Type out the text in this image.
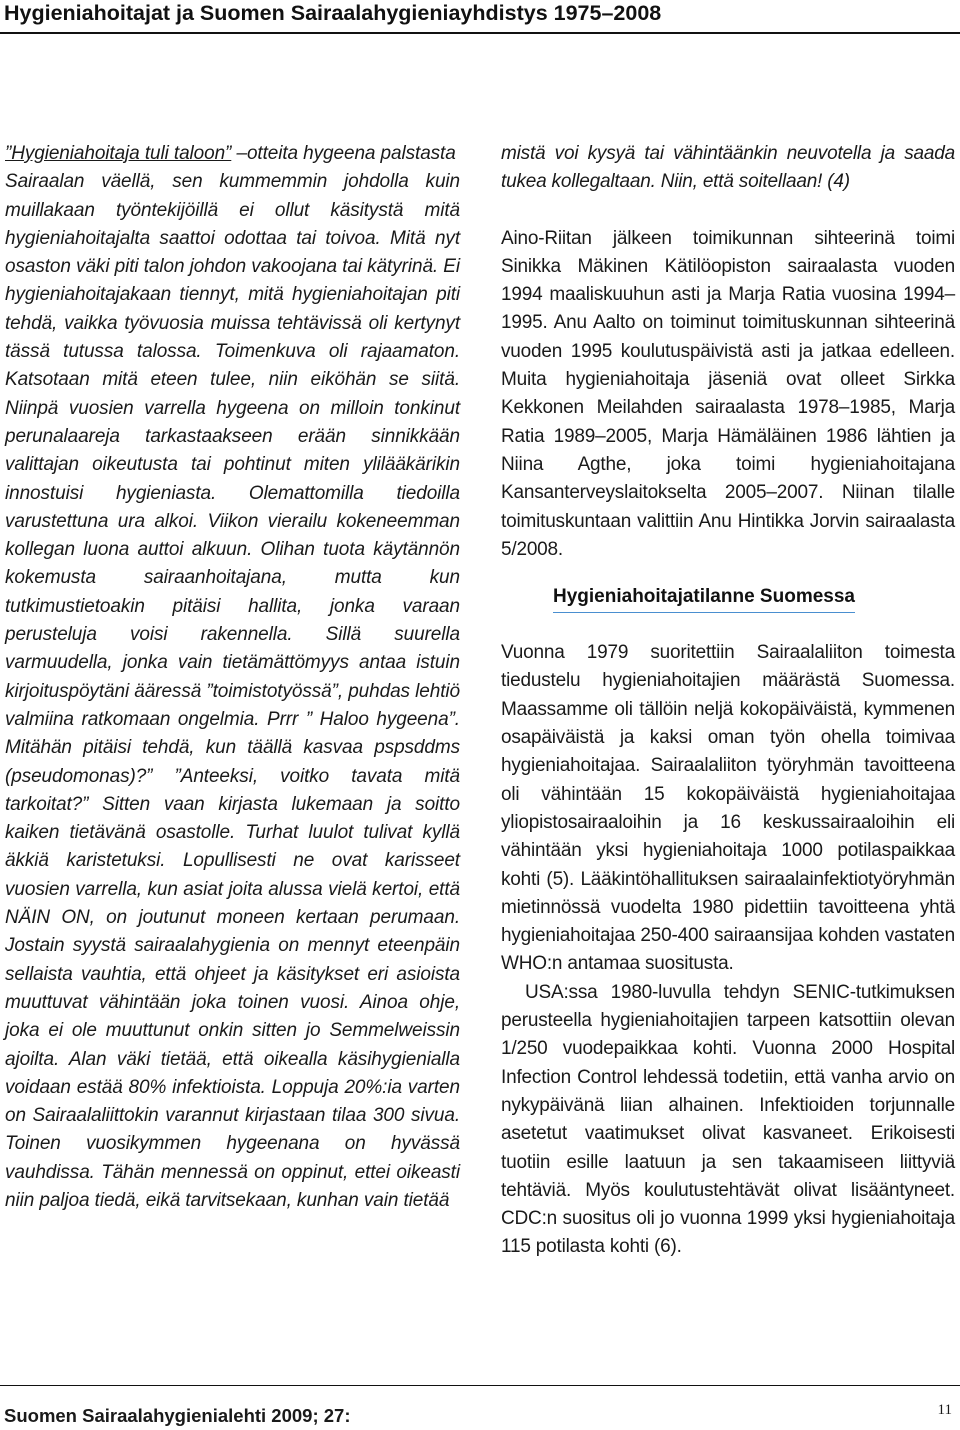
Hygieniahoitajat ja Suomen Sairaalahygieniayhdistys 1975–2008

”Hygieniahoitaja tuli taloon” –otteita hygeena palstasta
Sairaalan väellä, sen kummemmin johdolla kuin muillakaan työntekijöillä ei ollut käsitystä mitä hygieniahoitajalta saattoi odottaa tai toivoa. Mitä nyt osaston väki piti talon johdon vakoojana tai kätyrinä. Ei hygieniahoitajakaan tiennyt, mitä hygieniahoitajan piti tehdä, vaikka työvuosia muissa tehtävissä oli kertynyt tässä tutussa talossa. Toimenkuva oli rajaamaton. Katsotaan mitä eteen tulee, niin eiköhän se siitä. Niinpä vuosien varrella hygeena on milloin tonkinut perunalaareja tarkastaakseen erään sinnikkään valittajan oikeutusta tai pohtinut miten ylilääkärikin innostuisi hygieniasta. Olemattomilla tiedoilla varustettuna ura alkoi. Viikon vierailu kokeneemman kollegan luona auttoi alkuun. Olihan tuota käytännön kokemusta sairaanhoitajana, mutta kun tutkimustietoakin pitäisi hallita, jonka varaan perusteluja voisi rakennella. Sillä suurella varmuudella, jonka vain tietämättömyys antaa istuin kirjoituspöytäni ääressä ”toimistotyössä”, puhdas lehtiö valmiina ratkomaan ongelmia. Prrr ” Haloo hygeena”. Mitähän pitäisi tehdä, kun täällä kasvaa pspsddms (pseudomonas)?” ”Anteeksi, voitko tavata mitä tarkoitat?” Sitten vaan kirjasta lukemaan ja soitto kaiken tietävänä osastolle. Turhat luulot tulivat kyllä äkkiä karistetuksi. Lopullisesti ne ovat karisseet vuosien varrella, kun asiat joita alussa vielä kertoi, että NÄIN ON, on joutunut moneen kertaan perumaan. Jostain syystä sairaalahygienia on mennyt eteenpäin sellaista vauhtia, että ohjeet ja käsitykset eri asioista muuttuvat vähintään joka toinen vuosi. Ainoa ohje, joka ei ole muuttunut onkin sitten jo Semmelweissin ajoilta. Alan väki tietää, että oikealla käsihygienialla voidaan estää 80% infektioista. Loppuja 20%:ia varten on Sairaalaliittokin varannut kirjastaan tilaa 300 sivua. Toinen vuosikymmen hygeenana on hyvässä vauhdissa. Tähän mennessä on oppinut, ettei oikeasti niin paljoa tiedä, eikä tarvitsekaan, kunhan vain tietää

mistä voi kysyä tai vähintäänkin neuvotella ja saada tukea kollegaltaan. Niin, että soitellaan! (4)

Aino-Riitan jälkeen toimikunnan sihteerinä toimi Sinikka Mäkinen Kätilöopiston sairaalasta vuoden 1994 maaliskuuhun asti ja Marja Ratia vuosina 1994–1995. Anu Aalto on toiminut toimituskunnan sihteerinä vuoden 1995 koulutuspäivistä asti ja jatkaa edelleen. Muita hygieniahoitaja jäseniä ovat olleet Sirkka Kekkonen Meilahden sairaalasta 1978–1985, Marja Ratia 1989–2005, Marja Hämäläinen 1986 lähtien ja Niina Agthe, joka toimi hygieniahoitajana Kansanterveyslaitokselta 2005–2007. Niinan tilalle toimituskuntaan valittiin Anu Hintikka Jorvin sairaalasta 5/2008.

Hygieniahoitajatilanne Suomessa

Vuonna 1979 suoritettiin Sairaalaliiton toimesta tiedustelu hygieniahoitajien määrästä Suomessa. Maassamme oli tällöin neljä kokopäiväistä, kymmenen osapäiväistä ja kaksi oman työn ohella toimivaa hygieniahoitajaa. Sairaalaliiton työryhmän tavoitteena oli vähintään 15 kokopäiväistä hygieniahoitajaa yliopistosairaaloihin ja 16 keskussairaaloihin eli vähintään yksi hygieniahoitaja 1000 potilaspaikkaa kohti (5). Lääkintöhallituksen sairaalainfektiotyöryhmän mietinnössä vuodelta 1980 pidettiin tavoitteena yhtä hygieniahoitajaa 250-400 sairaansijaa kohden vastaten WHO:n antamaa suositusta.

USA:ssa 1980-luvulla tehdyn SENIC-tutkimuksen perusteella hygieniahoitajien tarpeen katsottiin olevan 1/250 vuodepaikkaa kohti. Vuonna 2000 Hospital Infection Control lehdessä todetiin, että vanha arvio on nykypäivänä liian alhainen. Infektioiden torjunnalle asetetut vaatimukset olivat kasvaneet. Erikoisesti tuotiin esille laatuun ja sen takaamiseen liittyviä tehtäviä. Myös koulutustehtävät olivat lisääntyneet. CDC:n suositus oli jo vuonna 1999 yksi hygieniahoitaja 115 potilasta kohti (6).

Suomen Sairaalahygienialehti 2009; 27:	11
